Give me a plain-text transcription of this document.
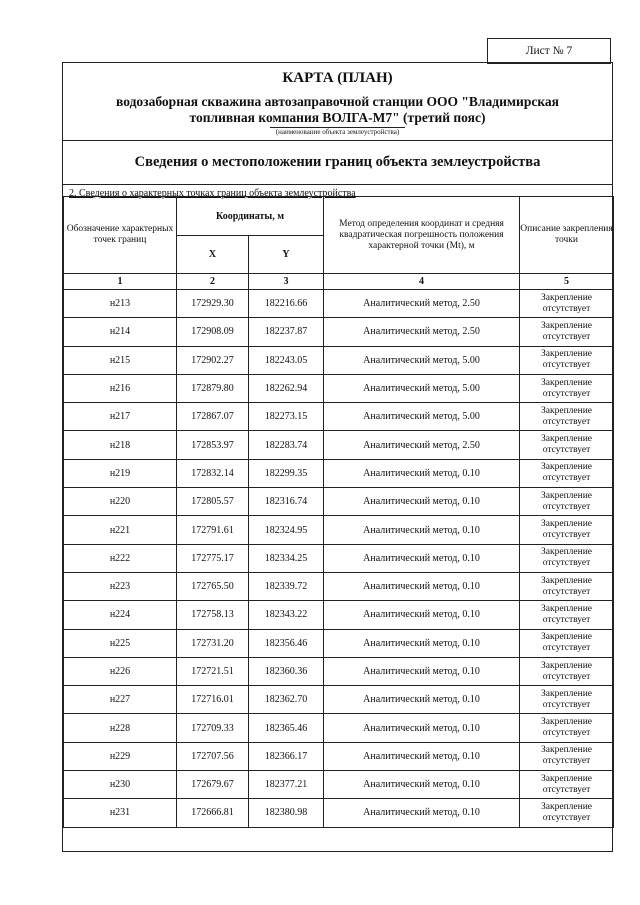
Лист № 7
КАРТА (ПЛАН)
водозаборная скважина автозаправочной станции ООО "Владимирская
топливная компания ВОЛГА-М7" (третий пояс)
(наименование объекта землеустройства)
Сведения о местоположении границ объекта землеустройства
2. Сведения о характерных точках границ объекта землеустройства
Обозначение характерных точек границ	Координаты, м		Метод определения координат и средняя квадратическая погрешность положения характерной точки (Mt), м	Описание закрепления точки
	X	Y		
1	2	3	4	5
н213	172929.30	182216.66	Аналитический метод, 2.50	Закрепление отсутствует
н214	172908.09	182237.87	Аналитический метод, 2.50	Закрепление отсутствует
н215	172902.27	182243.05	Аналитический метод, 5.00	Закрепление отсутствует
н216	172879.80	182262.94	Аналитический метод, 5.00	Закрепление отсутствует
н217	172867.07	182273.15	Аналитический метод, 5.00	Закрепление отсутствует
н218	172853.97	182283.74	Аналитический метод, 2.50	Закрепление отсутствует
н219	172832.14	182299.35	Аналитический метод, 0.10	Закрепление отсутствует
н220	172805.57	182316.74	Аналитический метод, 0.10	Закрепление отсутствует
н221	172791.61	182324.95	Аналитический метод, 0.10	Закрепление отсутствует
н222	172775.17	182334.25	Аналитический метод, 0.10	Закрепление отсутствует
н223	172765.50	182339.72	Аналитический метод, 0.10	Закрепление отсутствует
н224	172758.13	182343.22	Аналитический метод, 0.10	Закрепление отсутствует
н225	172731.20	182356.46	Аналитический метод, 0.10	Закрепление отсутствует
н226	172721.51	182360.36	Аналитический метод, 0.10	Закрепление отсутствует
н227	172716.01	182362.70	Аналитический метод, 0.10	Закрепление отсутствует
н228	172709.33	182365.46	Аналитический метод, 0.10	Закрепление отсутствует
н229	172707.56	182366.17	Аналитический метод, 0.10	Закрепление отсутствует
н230	172679.67	182377.21	Аналитический метод, 0.10	Закрепление отсутствует
н231	172666.81	182380.98	Аналитический метод, 0.10	Закрепление отсутствует
